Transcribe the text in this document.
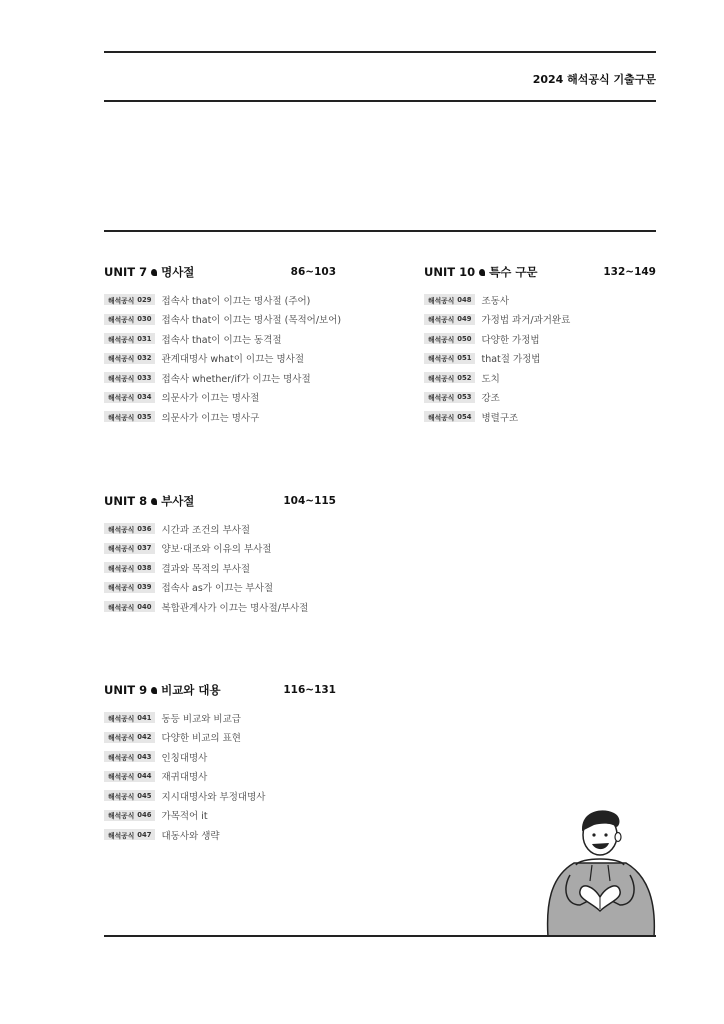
2024 해석공식 기출구문
UNIT 7 명사절	86~103
해석공식 029 접속사 that이 이끄는 명사절 (주어)
해석공식 030 접속사 that이 이끄는 명사절 (목적어/보어)
해석공식 031 접속사 that이 이끄는 동격절
해석공식 032 관계대명사 what이 이끄는 명사절
해석공식 033 접속사 whether/if가 이끄는 명사절
해석공식 034 의문사가 이끄는 명사절
해석공식 035 의문사가 이끄는 명사구
UNIT 10 특수 구문	132~149
해석공식 048 조동사
해석공식 049 가정법 과거/과거완료
해석공식 050 다양한 가정법
해석공식 051 that절 가정법
해석공식 052 도치
해석공식 053 강조
해석공식 054 병렬구조
UNIT 8 부사절	104~115
해석공식 036 시간과 조건의 부사절
해석공식 037 양보·대조와 이유의 부사절
해석공식 038 결과와 목적의 부사절
해석공식 039 접속사 as가 이끄는 부사절
해석공식 040 복합관계사가 이끄는 명사절/부사절
UNIT 9 비교와 대용	116~131
해석공식 041 동등 비교와 비교급
해석공식 042 다양한 비교의 표현
해석공식 043 인칭대명사
해석공식 044 재귀대명사
해석공식 045 지시대명사와 부정대명사
해석공식 046 가목적어 it
해석공식 047 대동사와 생략
